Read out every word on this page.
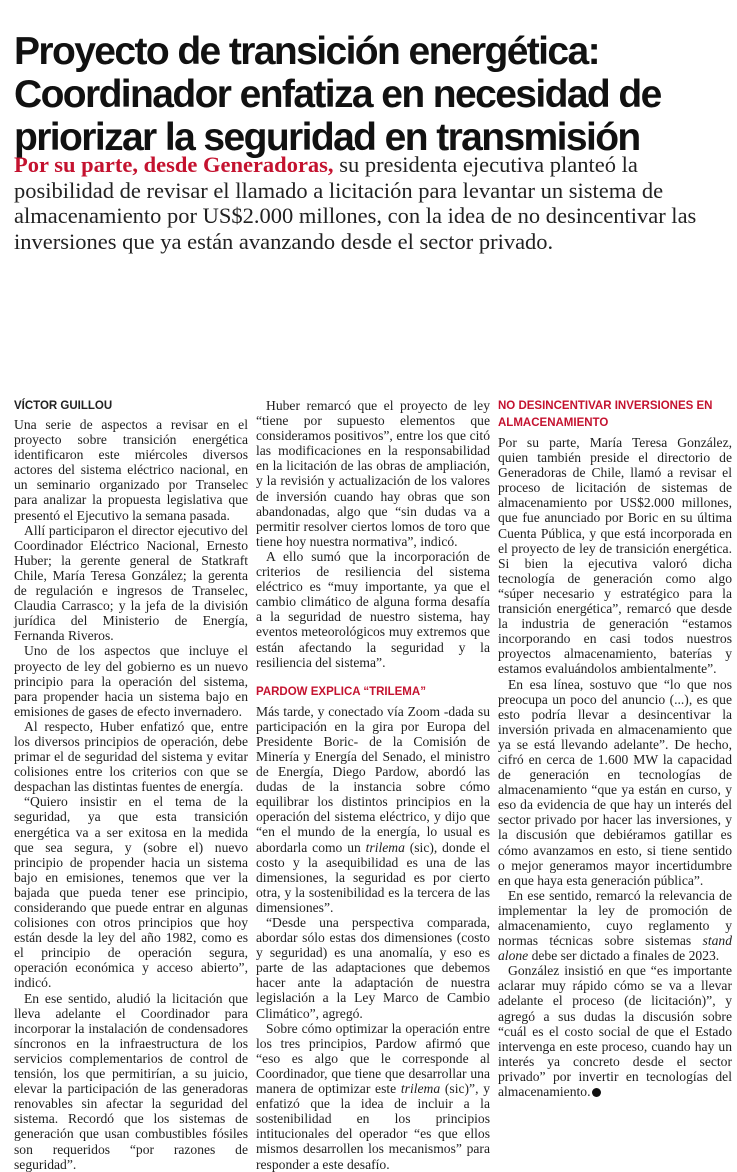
Proyecto de transición energética:
Coordinador enfatiza en necesidad de
priorizar la seguridad en transmisión
Por su parte, desde Generadoras, su presidenta ejecutiva planteó la
posibilidad de revisar el llamado a licitación para levantar un sistema de
almacenamiento por US$2.000 millones, con la idea de no desincentivar las
inversiones que ya están avanzando desde el sector privado.
VÍCTOR GUILLOU

Una serie de aspectos a revisar en el proyecto sobre transición energética identificaron este miércoles diversos actores del sistema eléctrico nacional, en un seminario organizado por Transelec para analizar la propuesta legislativa que presentó el Ejecutivo la semana pasada.

Allí participaron el director ejecutivo del Coordinador Eléctrico Nacional, Ernesto Huber; la gerente general de Statkraft Chile, María Teresa González; la gerenta de regulación e ingresos de Transelec, Claudia Carrasco; y la jefa de la división jurídica del Ministerio de Energía, Fernanda Riveros.

Uno de los aspectos que incluye el proyecto de ley del gobierno es un nuevo principio para la operación del sistema, para propender hacia un sistema bajo en emisiones de gases de efecto invernadero.

Al respecto, Huber enfatizó que, entre los diversos principios de operación, debe primar el de seguridad del sistema y evitar colisiones entre los criterios con que se despachan las distintas fuentes de energía.

“Quiero insistir en el tema de la seguridad, ya que esta transición energética va a ser exitosa en la medida que sea segura, y (sobre el) nuevo principio de propender hacia un sistema bajo en emisiones, tenemos que ver la bajada que pueda tener ese principio, considerando que puede entrar en algunas colisiones con otros principios que hoy están desde la ley del año 1982, como es el principio de operación segura, operación económica y acceso abierto”, indicó.

En ese sentido, aludió la licitación que lleva adelante el Coordinador para incorporar la instalación de condensadores síncronos en la infraestructura de los servicios complementarios de control de tensión, los que permitirían, a su juicio, elevar la participación de las generadoras renovables sin afectar la seguridad del sistema. Recordó que los sistemas de generación que usan combustibles fósiles son requeridos “por razones de seguridad”.

Huber remarcó que el proyecto de ley “tiene por supuesto elementos que consideramos positivos”, entre los que citó las modificaciones en la responsabilidad en la licitación de las obras de ampliación, y la revisión y actualización de los valores de inversión cuando hay obras que son abandonadas, algo que “sin dudas va a permitir resolver ciertos lomos de toro que tiene hoy nuestra normativa”, indicó.

A ello sumó que la incorporación de criterios de resiliencia del sistema eléctrico es “muy importante, ya que el cambio climático de alguna forma desafía a la seguridad de nuestro sistema, hay eventos meteorológicos muy extremos que están afectando la seguridad y la resiliencia del sistema”.

PARDOW EXPLICA “TRILEMA”

Más tarde, y conectado vía Zoom -dada su participación en la gira por Europa del Presidente Boric- de la Comisión de Minería y Energía del Senado, el ministro de Energía, Diego Pardow, abordó las dudas de la instancia sobre cómo equilibrar los distintos principios en la operación del sistema eléctrico, y dijo que “en el mundo de la energía, lo usual es abordarla como un trilema (sic), donde el costo y la asequibilidad es una de las dimensiones, la seguridad es por cierto otra, y la sostenibilidad es la tercera de las dimensiones”.

“Desde una perspectiva comparada, abordar sólo estas dos dimensiones (costo y seguridad) es una anomalía, y eso es parte de las adaptaciones que debemos hacer ante la adaptación de nuestra legislación a la Ley Marco de Cambio Climático”, agregó.

Sobre cómo optimizar la operación entre los tres principios, Pardow afirmó que “eso es algo que le corresponde al Coordinador, que tiene que desarrollar una manera de optimizar este trilema (sic)”, y enfatizó que la idea de incluir a la sostenibilidad en los principios intitucionales del operador “es que ellos mismos desarrollen los mecanismos” para responder a este desafío.

NO DESINCENTIVAR INVERSIONES EN ALMACENAMIENTO

Por su parte, María Teresa González, quien también preside el directorio de Generadoras de Chile, llamó a revisar el proceso de licitación de sistemas de almacenamiento por US$2.000 millones, que fue anunciado por Boric en su última Cuenta Pública, y que está incorporada en el proyecto de ley de transición energética. Si bien la ejecutiva valoró dicha tecnología de generación como algo “súper necesario y estratégico para la transición energética”, remarcó que desde la industria de generación “estamos incorporando en casi todos nuestros proyectos almacenamiento, baterías y estamos evaluándolos ambientalmente”.

En esa línea, sostuvo que “lo que nos preocupa un poco del anuncio (...), es que esto podría llevar a desincentivar la inversión privada en almacenamiento que ya se está llevando adelante”. De hecho, cifró en cerca de 1.600 MW la capacidad de generación en tecnologías de almacenamiento “que ya están en curso, y eso da evidencia de que hay un interés del sector privado por hacer las inversiones, y la discusión que debiéramos gatillar es cómo avanzamos en esto, si tiene sentido o mejor generamos mayor incertidumbre en que haya esta generación pública”.

En ese sentido, remarcó la relevancia de implementar la ley de promoción de almacenamiento, cuyo reglamento y normas técnicas sobre sistemas stand alone debe ser dictado a finales de 2023.

González insistió en que “es importante aclarar muy rápido cómo se va a llevar adelante el proceso (de licitación)”, y agregó a sus dudas la discusión sobre “cuál es el costo social de que el Estado intervenga en este proceso, cuando hay un interés ya concreto desde el sector privado” por invertir en tecnologías del almacenamiento.
